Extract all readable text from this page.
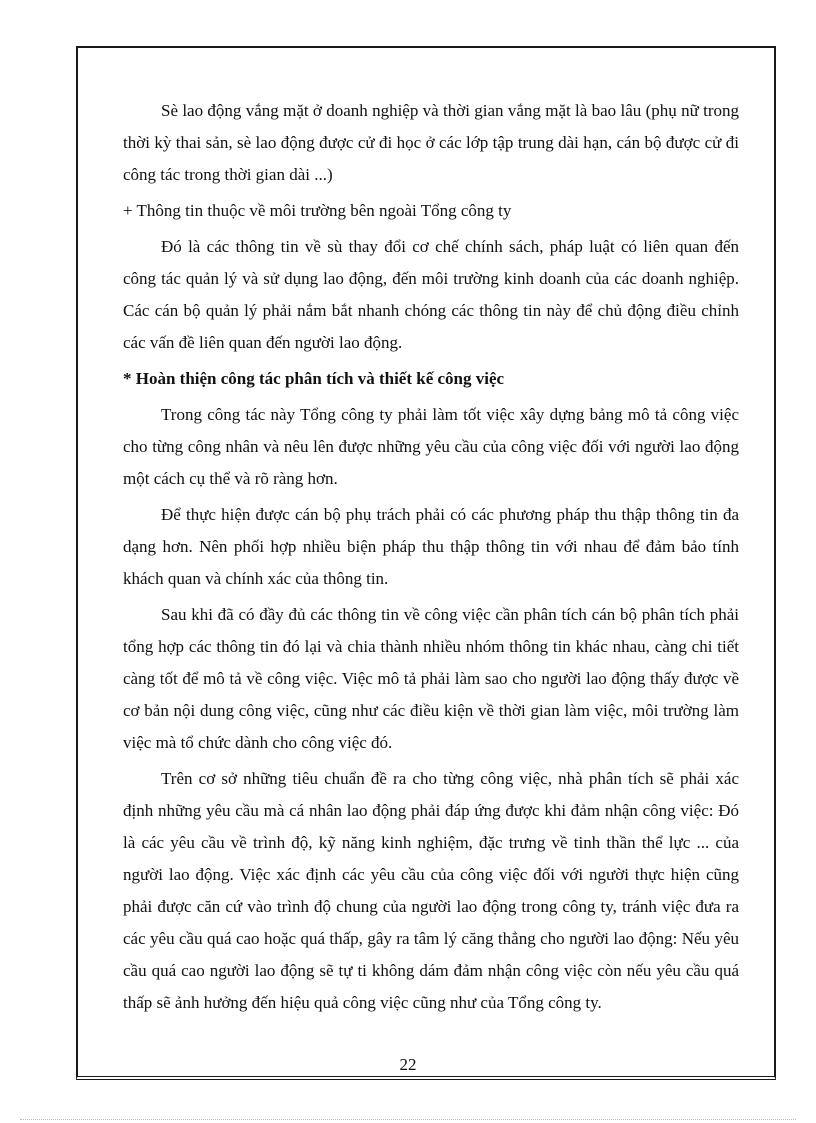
Sè lao động vắng mặt ở doanh nghiệp và thời gian vắng mặt là bao lâu (phụ nữ trong thời kỳ thai sản, sè lao động được cử đi học ở các lớp tập trung dài hạn, cán bộ được cử đi công tác trong thời gian dài ...)

+ Thông tin thuộc về môi trường bên ngoài Tổng công ty

Đó là các thông tin về sù thay đổi cơ chế chính sách, pháp luật có liên quan đến công tác quản lý và sử dụng lao động, đến môi trường kinh doanh của các doanh nghiệp. Các cán bộ quản lý phải nắm bắt nhanh chóng các thông tin này để chủ động điều chỉnh các vấn đề liên quan đến người lao động.

* Hoàn thiện công tác phân tích và thiết kế công việc

Trong công tác này Tổng công ty phải làm tốt việc xây dựng bảng mô tả công việc cho từng công nhân và nêu lên được những yêu cầu của công việc đối với người lao động một cách cụ thể và rõ ràng hơn.

Để thực hiện được cán bộ phụ trách phải có các phương pháp thu thập thông tin đa dạng hơn. Nên phối hợp nhiều biện pháp thu thập thông tin với nhau để đảm bảo tính khách quan và chính xác của thông tin.

Sau khi đã có đầy đủ các thông tin về công việc cần phân tích cán bộ phân tích phải tổng hợp các thông tin đó lại và chia thành nhiều nhóm thông tin khác nhau, càng chi tiết càng tốt để mô tả về công việc. Việc mô tả phải làm sao cho người lao động thấy được về cơ bản nội dung công việc, cũng như các điều kiện về thời gian làm việc, môi trường làm việc mà tổ chức dành cho công việc đó.

Trên cơ sở những tiêu chuẩn đề ra cho từng công việc, nhà phân tích sẽ phải xác định những yêu cầu mà cá nhân lao động phải đáp ứng được khi đảm nhận công việc: Đó là các yêu cầu về trình độ, kỹ năng kinh nghiệm, đặc trưng về tinh thần thể lực ... của người lao động. Việc xác định các yêu cầu của công việc đối với người thực hiện cũng phải được căn cứ vào trình độ chung của người lao động trong công ty, tránh việc đưa ra các yêu cầu quá cao hoặc quá thấp, gây ra tâm lý căng thẳng cho người lao động: Nếu yêu cầu quá cao người lao động sẽ tự ti không dám đảm nhận công việc còn nếu yêu cầu quá thấp sẽ ảnh hưởng đến hiệu quả công việc cũng như của Tổng công ty.

22
